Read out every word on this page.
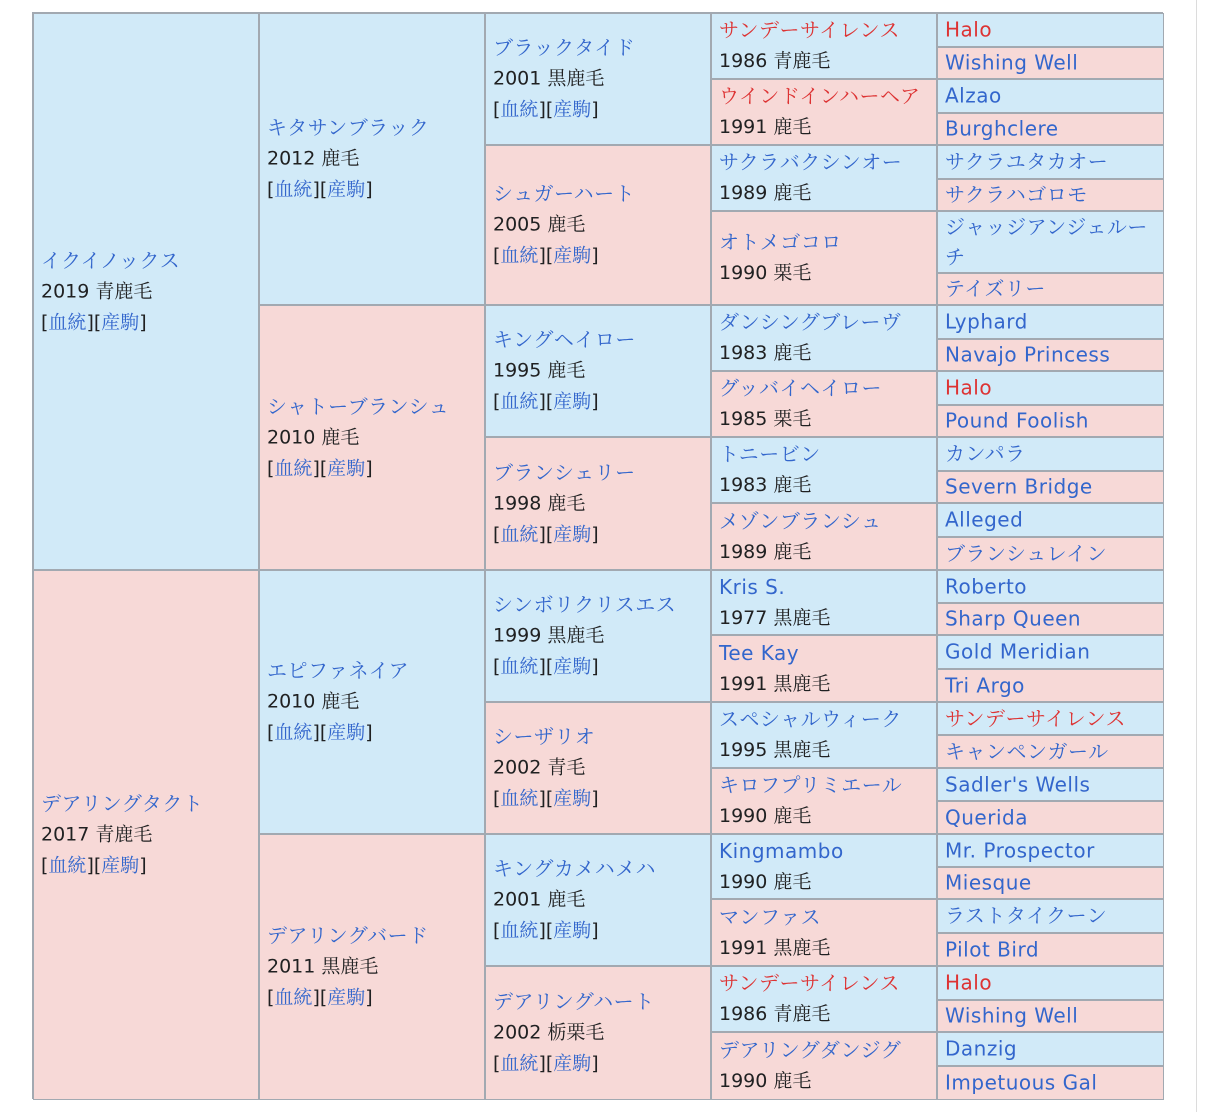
イクイノックス
2019 青鹿毛
[血統][産駒]
デアリングタクト
2017 青鹿毛
[血統][産駒]
キタサンブラック
2012 鹿毛
[血統][産駒]
シャトーブランシュ
2010 鹿毛
[血統][産駒]
エピファネイア
2010 鹿毛
[血統][産駒]
デアリングバード
2011 黒鹿毛
[血統][産駒]
ブラックタイド
2001 黒鹿毛
[血統][産駒]
シュガーハート
2005 鹿毛
[血統][産駒]
キングヘイロー
1995 鹿毛
[血統][産駒]
ブランシェリー
1998 鹿毛
[血統][産駒]
シンボリクリスエス
1999 黒鹿毛
[血統][産駒]
シーザリオ
2002 青毛
[血統][産駒]
キングカメハメハ
2001 鹿毛
[血統][産駒]
デアリングハート
2002 栃栗毛
[血統][産駒]
サンデーサイレンス
1986 青鹿毛
ウインドインハーヘア
1991 鹿毛
サクラバクシンオー
1989 鹿毛
オトメゴコロ
1990 栗毛
ダンシングブレーヴ
1983 鹿毛
グッバイヘイロー
1985 栗毛
トニービン
1983 鹿毛
メゾンブランシュ
1989 鹿毛
Kris S.
1977 黒鹿毛
Tee Kay
1991 黒鹿毛
スペシャルウィーク
1995 黒鹿毛
キロフプリミエール
1990 鹿毛
Kingmambo
1990 鹿毛
マンファス
1991 黒鹿毛
サンデーサイレンス
1986 青鹿毛
デアリングダンジグ
1990 鹿毛
Halo
Wishing Well
Alzao
Burghclere
サクラユタカオー
サクラハゴロモ
ジャッジアンジェルーチ
テイズリー
Lyphard
Navajo Princess
Halo
Pound Foolish
カンパラ
Severn Bridge
Alleged
ブランシュレイン
Roberto
Sharp Queen
Gold Meridian
Tri Argo
サンデーサイレンス
キャンペンガール
Sadler's Wells
Querida
Mr. Prospector
Miesque
ラストタイクーン
Pilot Bird
Halo
Wishing Well
Danzig
Impetuous Gal
